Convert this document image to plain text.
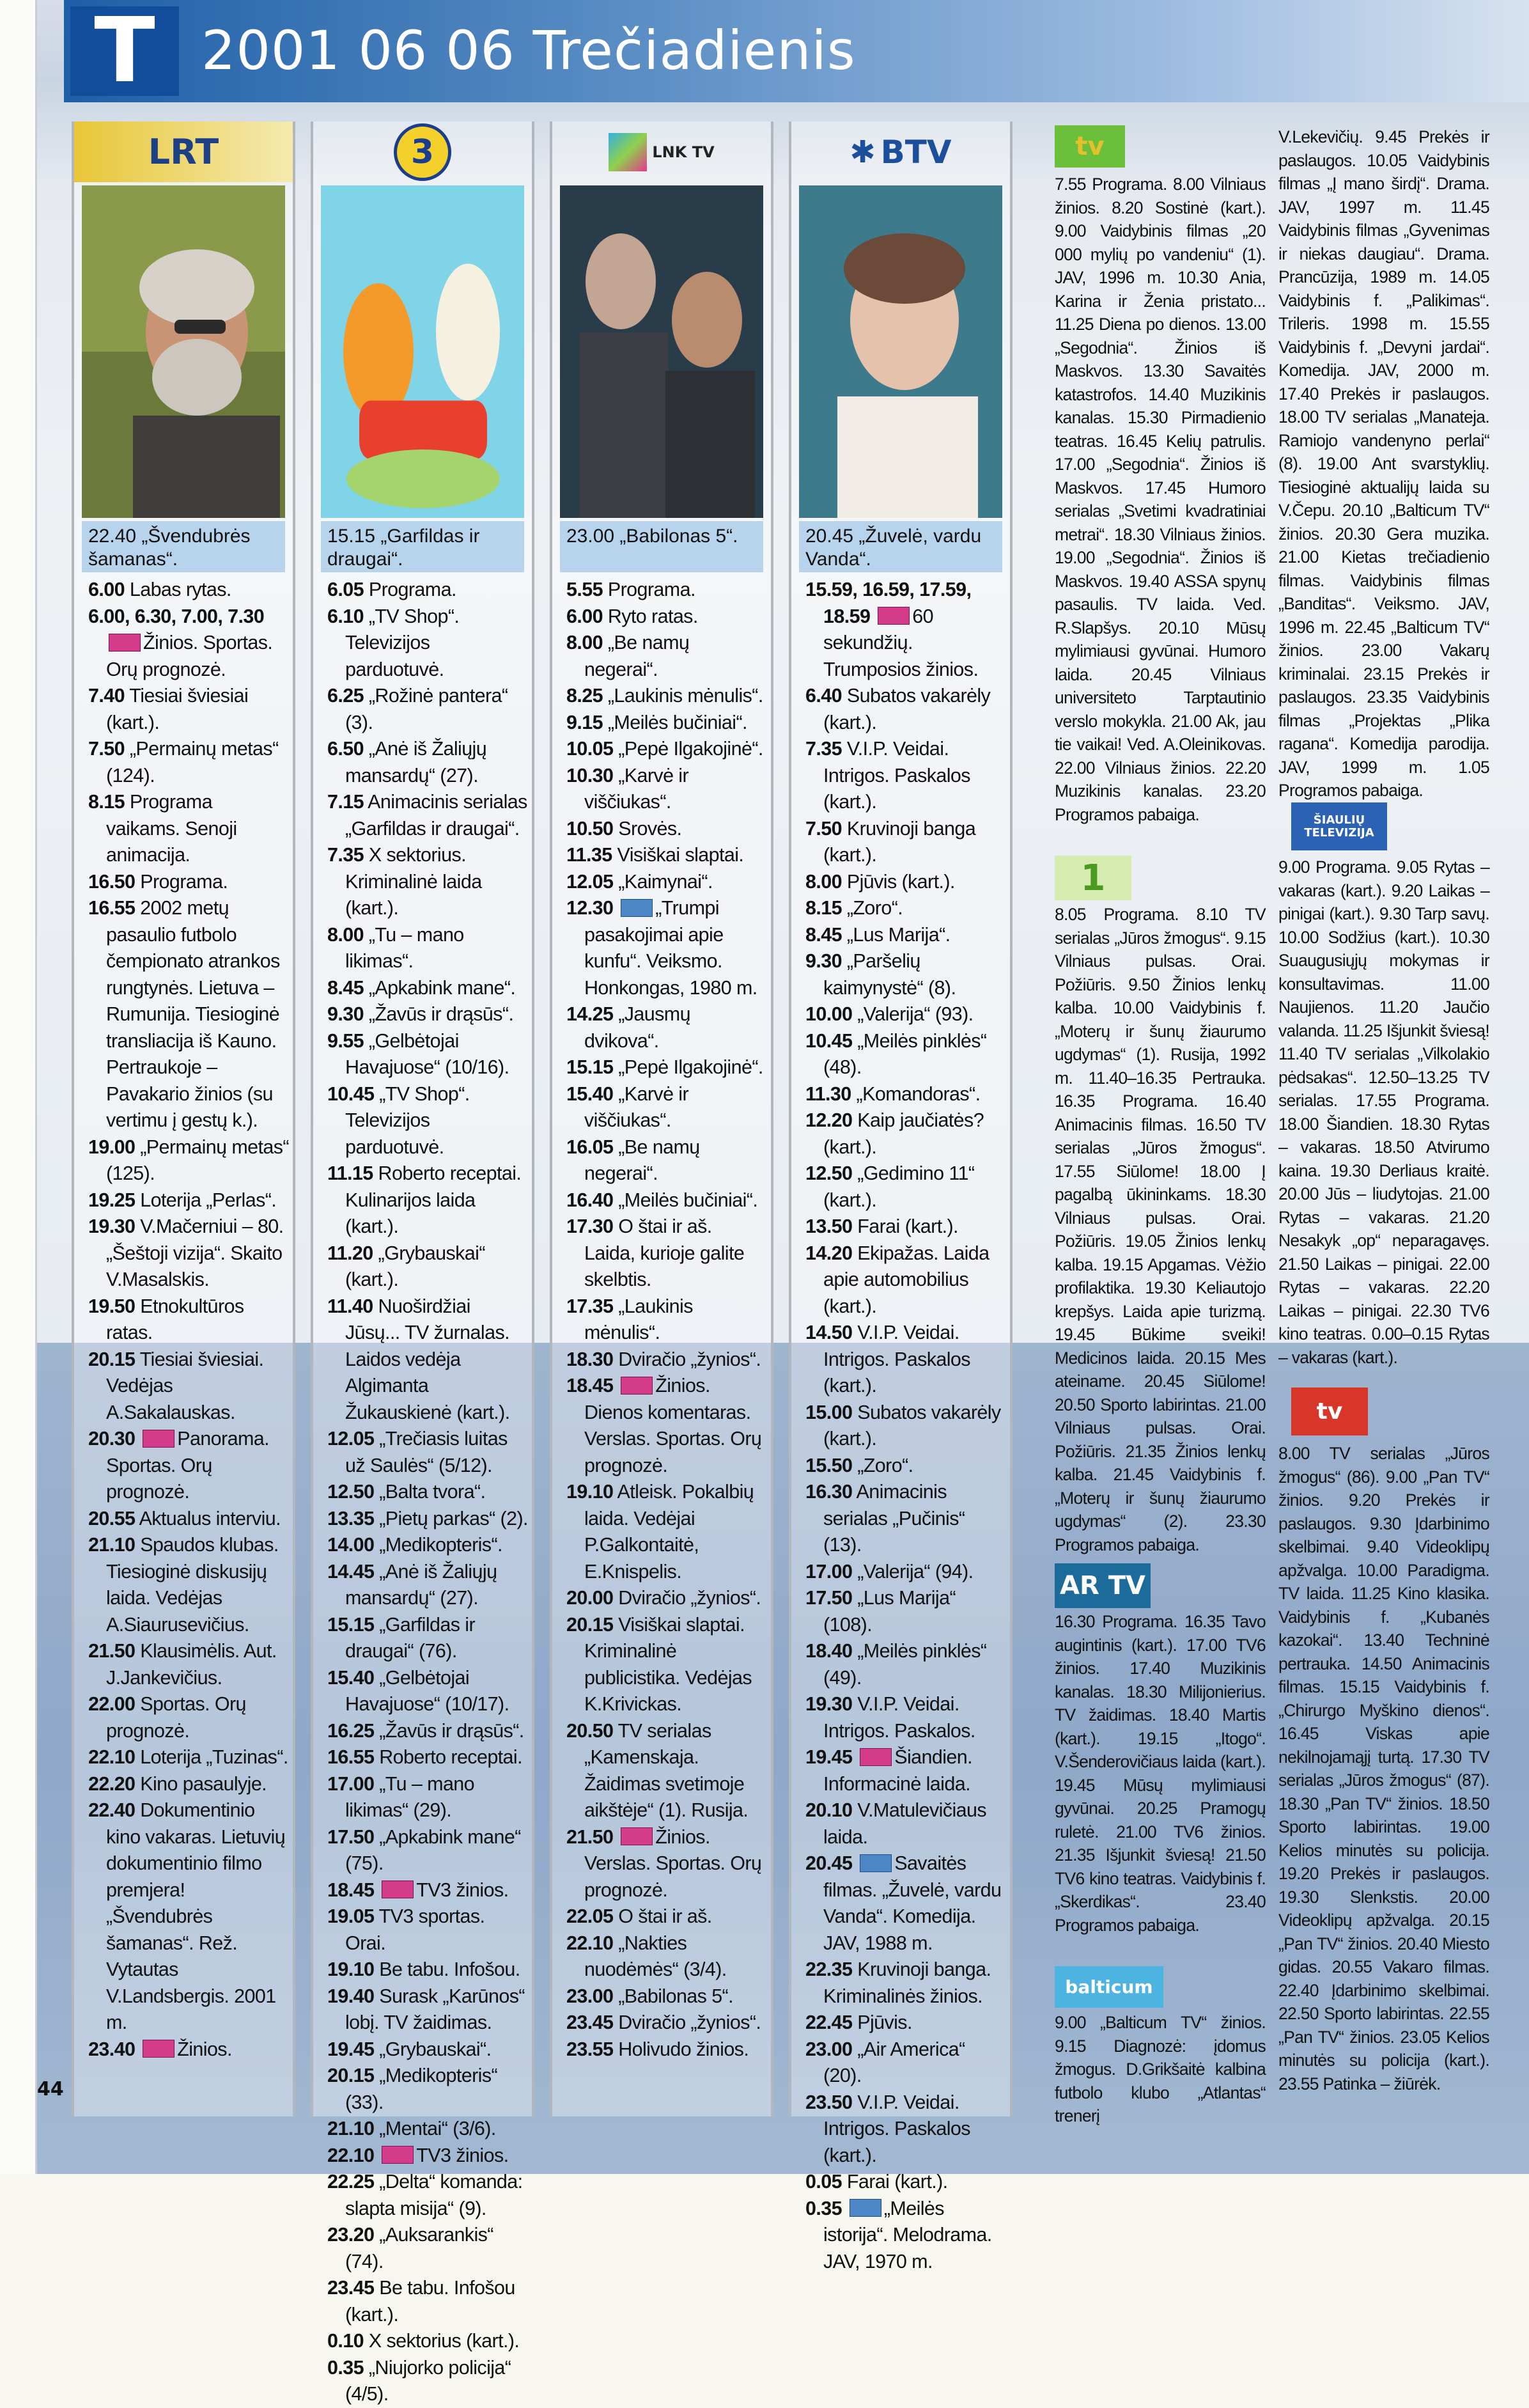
T 2001 06 06 Trečiadienis
LRT
22.40 „Švendubrės šamanas“.

6.00 Labas rytas.

6.00, 6.30, 7.00, 7.30 Žinios. Sportas. Orų prognozė.

7.40 Tiesiai šviesiai (kart.).

7.50 „Permainų metas“ (124).

8.15 Programa vaikams. Senoji animacija.

16.50 Programa.

16.55 2002 metų pasaulio futbolo čempionato atrankos rungtynės. Lietuva – Rumunija. Tiesioginė transliacija iš Kauno. Pertraukoje – Pavakario žinios (su vertimu į gestų k.).

19.00 „Permainų metas“ (125).

19.25 Loterija „Perlas“.

19.30 V.Mačerniui – 80. „Šeštoji vizija“. Skaito V.Masalskis.

19.50 Etnokultūros ratas.

20.15 Tiesiai šviesiai. Vedėjas A.Sakalauskas.

20.30 Panorama. Sportas. Orų prognozė.

20.55 Aktualus interviu.

21.10 Spaudos klubas. Tiesioginė diskusijų laida. Vedėjas A.Siaurusevičius.

21.50 Klausimėlis. Aut. J.Jankevičius.

22.00 Sportas. Orų prognozė.

22.10 Loterija „Tuzinas“.

22.20 Kino pasaulyje.

22.40 Dokumentinio kino vakaras. Lietuvių dokumentinio filmo premjera! „Švendubrės šamanas“. Rež. Vytautas V.Landsbergis. 2001 m.

23.40 Žinios.

3
15.15 „Garfildas ir draugai“.

6.05 Programa.

6.10 „TV Shop“. Televizijos parduotuvė.

6.25 „Rožinė pantera“ (3).

6.50 „Anė iš Žaliųjų mansardų“ (27).

7.15 Animacinis serialas „Garfildas ir draugai“.

7.35 X sektorius. Kriminalinė laida (kart.).

8.00 „Tu – mano likimas“.

8.45 „Apkabink mane“.

9.30 „Žavūs ir drąsūs“.

9.55 „Gelbėtojai Havajuose“ (10/16).

10.45 „TV Shop“. Televizijos parduotuvė.

11.15 Roberto receptai. Kulinarijos laida (kart.).

11.20 „Grybauskai“ (kart.).

11.40 Nuoširdžiai Jūsų... TV žurnalas. Laidos vedėja Algimanta Žukauskienė (kart.).

12.05 „Trečiasis luitas už Saulės“ (5/12).

12.50 „Balta tvora“.

13.35 „Pietų parkas“ (2).

14.00 „Medikopteris“.

14.45 „Anė iš Žaliųjų mansardų“ (27).

15.15 „Garfildas ir draugai“ (76).

15.40 „Gelbėtojai Havajuose“ (10/17).

16.25 „Žavūs ir drąsūs“.

16.55 Roberto receptai.

17.00 „Tu – mano likimas“ (29).

17.50 „Apkabink mane“ (75).

18.45 TV3 žinios.

19.05 TV3 sportas. Orai.

19.10 Be tabu. Infošou.

19.40 Surask „Karūnos“ lobį. TV žaidimas.

19.45 „Grybauskai“.

20.15 „Medikopteris“ (33).

21.10 „Mentai“ (3/6).

22.10 TV3 žinios.

22.25 „Delta“ komanda: slapta misija“ (9).

23.20 „Auksarankis“ (74).

23.45 Be tabu. Infošou (kart.).

0.10 X sektorius (kart.).

0.35 „Niujorko policija“ (4/5).

LNK TV
23.00 „Babilonas 5“.

5.55 Programa.

6.00 Ryto ratas.

8.00 „Be namų negerai“.

8.25 „Laukinis mėnulis“.

9.15 „Meilės bučiniai“.

10.05 „Pepė Ilgakojinė“.

10.30 „Karvė ir viščiukas“.

10.50 Srovės.

11.35 Visiškai slaptai.

12.05 „Kaimynai“.

12.30 „Trumpi pasakojimai apie kunfu“. Veiksmo. Honkongas, 1980 m.

14.25 „Jausmų dvikova“.

15.15 „Pepė Ilgakojinė“.

15.40 „Karvė ir viščiukas“.

16.05 „Be namų negerai“.

16.40 „Meilės bučiniai“.

17.30 O štai ir aš. Laida, kurioje galite skelbtis.

17.35 „Laukinis mėnulis“.

18.30 Dviračio „žynios“.

18.45 Žinios. Dienos komentaras. Verslas. Sportas. Orų prognozė.

19.10 Atleisk. Pokalbių laida. Vedėjai P.Galkontaitė, E.Knispelis.

20.00 Dviračio „žynios“.

20.15 Visiškai slaptai. Kriminalinė publicistika. Vedėjas K.Krivickas.

20.50 TV serialas „Kamenskaja. Žaidimas svetimoje aikštėje“ (1). Rusija.

21.50 Žinios. Verslas. Sportas. Orų prognozė.

22.05 O štai ir aš.

22.10 „Nakties nuodėmės“ (3/4).

23.00 „Babilonas 5“.

23.45 Dviračio „žynios“.

23.55 Holivudo žinios.

✱ BTV
20.45 „Žuvelė, vardu Vanda“.

15.59, 16.59, 17.59, 18.59 60 sekundžių. Trumposios žinios.

6.40 Subatos vakarėly (kart.).

7.35 V.I.P. Veidai. Intrigos. Paskalos (kart.).

7.50 Kruvinoji banga (kart.).

8.00 Pjūvis (kart.).

8.15 „Zoro“.

8.45 „Lus Marija“.

9.30 „Paršelių kaimynystė“ (8).

10.00 „Valerija“ (93).

10.45 „Meilės pinklės“ (48).

11.30 „Komandoras“.

12.20 Kaip jaučiatės? (kart.).

12.50 „Gedimino 11“ (kart.).

13.50 Farai (kart.).

14.20 Ekipažas. Laida apie automobilius (kart.).

14.50 V.I.P. Veidai. Intrigos. Paskalos (kart.).

15.00 Subatos vakarėly (kart.).

15.50 „Zoro“.

16.30 Animacinis serialas „Pučinis“ (13).

17.00 „Valerija“ (94).

17.50 „Lus Marija“ (108).

18.40 „Meilės pinklės“ (49).

19.30 V.I.P. Veidai. Intrigos. Paskalos.

19.45 Šiandien. Informacinė laida.

20.10 V.Matulevičiaus laida.

20.45 Savaitės filmas. „Žuvelė, vardu Vanda“. Komedija. JAV, 1988 m.

22.35 Kruvinoji banga. Kriminalinės žinios.

22.45 Pjūvis.

23.00 „Air America“ (20).

23.50 V.I.P. Veidai. Intrigos. Paskalos (kart.).

0.05 Farai (kart.).

0.35 „Meilės istorija“. Melodrama. JAV, 1970 m.

tv

7.55 Programa. 8.00 Vilniaus žinios. 8.20 Sostinė (kart.). 9.00 Vaidybinis filmas „20 000 mylių po vandeniu“ (1). JAV, 1996 m. 10.30 Ania, Karina ir Ženia pristato... 11.25 Diena po dienos. 13.00 „Segodnia“. Žinios iš Maskvos. 13.30 Savaitės katastrofos. 14.40 Muzikinis kanalas. 15.30 Pirmadienio teatras. 16.45 Kelių patrulis. 17.00 „Segodnia“. Žinios iš Maskvos. 17.45 Humoro serialas „Svetimi kvadratiniai metrai“. 18.30 Vilniaus žinios. 19.00 „Segodnia“. Žinios iš Maskvos. 19.40 ASSA spynų pasaulis. TV laida. Ved. R.Slapšys. 20.10 Mūsų mylimiausi gyvūnai. Humoro laida. 20.45 Vilniaus universiteto Tarptautinio verslo mokykla. 21.00 Ak, jau tie vaikai! Ved. A.Oleinikovas. 22.00 Vilniaus žinios. 22.20 Muzikinis kanalas. 23.20 Programos pabaiga.

1

8.05 Programa. 8.10 TV serialas „Jūros žmogus“. 9.15 Vilniaus pulsas. Orai. Požiūris. 9.50 Žinios lenkų kalba. 10.00 Vaidybinis f. „Moterų ir šunų žiaurumo ugdymas“ (1). Rusija, 1992 m. 11.40–16.35 Pertrauka. 16.35 Programa. 16.40 Animacinis filmas. 16.50 TV serialas „Jūros žmogus“. 17.55 Siūlome! 18.00 Į pagalbą ūkininkams. 18.30 Vilniaus pulsas. Orai. Požiūris. 19.05 Žinios lenkų kalba. 19.15 Apgamas. Vėžio profilaktika. 19.30 Keliautojo krepšys. Laida apie turizmą. 19.45 Būkime sveiki! Medicinos laida. 20.15 Mes ateiname. 20.45 Siūlome! 20.50 Sporto labirintas. 21.00 Vilniaus pulsas. Orai. Požiūris. 21.35 Žinios lenkų kalba. 21.45 Vaidybinis f. „Moterų ir šunų žiaurumo ugdymas“ (2). 23.30 Programos pabaiga.

AR TV

16.30 Programa. 16.35 Tavo augintinis (kart.). 17.00 TV6 žinios. 17.40 Muzikinis kanalas. 18.30 Milijonierius. TV žaidimas. 18.40 Martis (kart.). 19.15 „Itogo“. V.Šenderovičiaus laida (kart.). 19.45 Mūsų mylimiausi gyvūnai. 20.25 Pramogų ruletė. 21.00 TV6 žinios. 21.35 Išjunkit šviesą! 21.50 TV6 kino teatras. Vaidybinis f. „Skerdikas“. 23.40 Programos pabaiga.

balticum

9.00 „Balticum TV“ žinios. 9.15 Diagnozė: įdomus žmogus. D.Grikšaitė kalbina futbolo klubo „Atlantas“ trenerį

V.Lekevičių. 9.45 Prekės ir paslaugos. 10.05 Vaidybinis filmas „Į mano širdį“. Drama. JAV, 1997 m. 11.45 Vaidybinis filmas „Gyvenimas ir niekas daugiau“. Drama. Prancūzija, 1989 m. 14.05 Vaidybinis f. „Palikimas“. Trileris. 1998 m. 15.55 Vaidybinis f. „Devyni jardai“. Komedija. JAV, 2000 m. 17.40 Prekės ir paslaugos. 18.00 TV serialas „Manateja. Ramiojo vandenyno perlai“ (8). 19.00 Ant svarstyklių. Tiesioginė aktualijų laida su V.Čepu. 20.10 „Balticum TV“ žinios. 20.30 Gera muzika. 21.00 Kietas trečiadienio filmas. Vaidybinis filmas „Banditas“. Veiksmo. JAV, 1996 m. 22.45 „Balticum TV“ žinios. 23.00 Vakarų kriminalai. 23.15 Prekės ir paslaugos. 23.35 Vaidybinis filmas „Projektas „Plika raganа“. Komedija parodija. JAV, 1999 m. 1.05 Programos pabaiga.

ŠIAULIŲ TELEVIZIJA

9.00 Programa. 9.05 Rytas – vakaras (kart.). 9.20 Laikas – pinigai (kart.). 9.30 Tarp savų. 10.00 Sodžius (kart.). 10.30 Suaugusiųjų mokymas ir konsultavimas. 11.00 Naujienos. 11.20 Jaučio valanda. 11.25 Išjunkit šviesą! 11.40 TV serialas „Vilkolakio pėdsakas“. 12.50–13.25 TV serialas. 17.55 Programa. 18.00 Šiandien. 18.30 Rytas – vakaras. 18.50 Atvirumo kaina. 19.30 Derliaus kraitė. 20.00 Jūs – liudytojas. 21.00 Rytas – vakaras. 21.20 Nesakyk „op“ neparagavęs. 21.50 Laikas – pinigai. 22.00 Rytas – vakaras. 22.20 Laikas – pinigai. 22.30 TV6 kino teatras. 0.00–0.15 Rytas – vakaras (kart.).

tv

8.00 TV serialas „Jūros žmogus“ (86). 9.00 „Pan TV“ žinios. 9.20 Prekės ir paslaugos. 9.30 Įdarbinimo skelbimai. 9.40 Videoklipų apžvalga. 10.00 Paradigma. TV laida. 11.25 Kino klasika. Vaidybinis f. „Kubanės kazokai“. 13.40 Techninė pertrauka. 14.50 Animacinis filmas. 15.15 Vaidybinis f. „Chirurgo Myškino dienos“. 16.45 Viskas apie nekilnojamąjį turtą. 17.30 TV serialas „Jūros žmogus“ (87). 18.30 „Pan TV“ žinios. 18.50 Sporto labirintas. 19.00 Kelios minutės su policija. 19.20 Prekės ir paslaugos. 19.30 Slenkstis. 20.00 Videoklipų apžvalga. 20.15 „Pan TV“ žinios. 20.40 Miesto gidas. 20.55 Vakaro filmas. 22.40 Įdarbinimo skelbimai. 22.50 Sporto labirintas. 22.55 „Pan TV“ žinios. 23.05 Kelios minutės su policija (kart.). 23.55 Patinka – žiūrėk.

44
